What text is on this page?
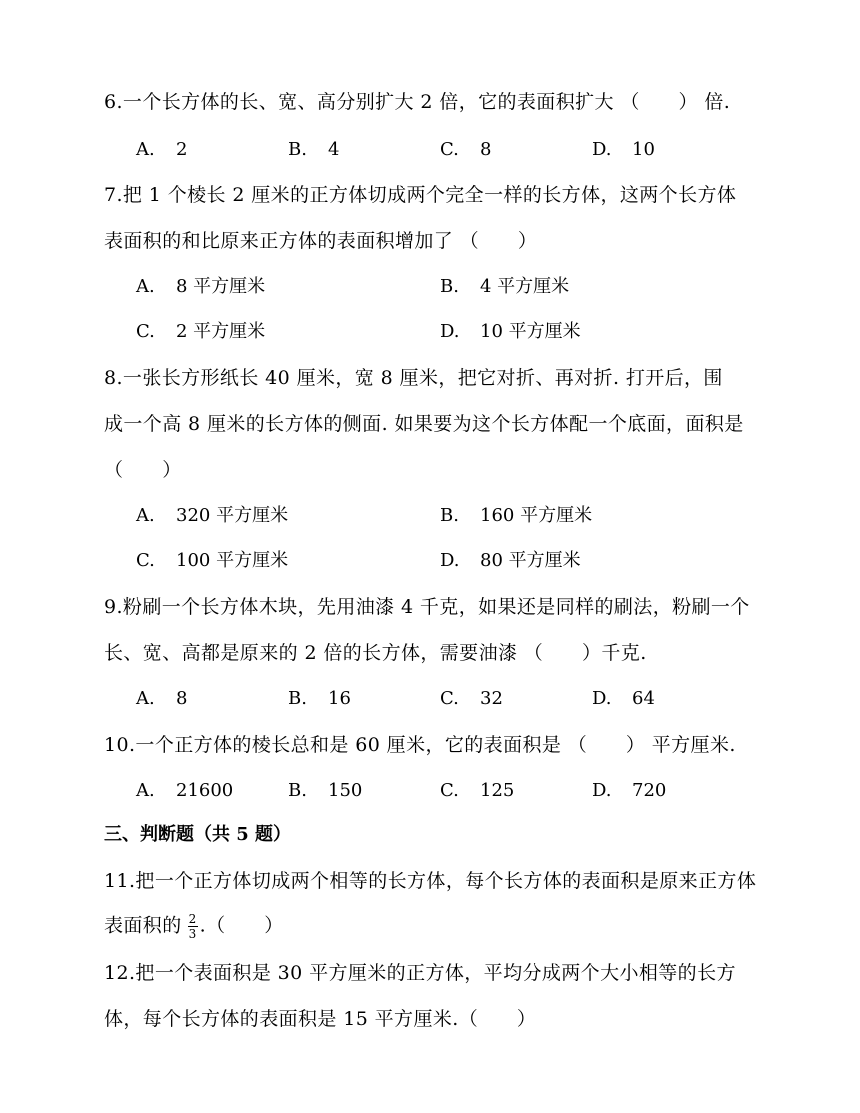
6.一个长方体的长、宽、高分别扩大 2 倍，它的表面积扩大 （　　） 倍.
A. 2	B. 4	C. 8	D. 10
7.把 1 个棱长 2 厘米的正方体切成两个完全一样的长方体，这两个长方体
表面积的和比原来正方体的表面积增加了 （　　）
A. 8 平方厘米	B. 4 平方厘米
C. 2 平方厘米	D. 10 平方厘米
8.一张长方形纸长 40 厘米，宽 8 厘米，把它对折、再对折. 打开后，围
成一个高 8 厘米的长方体的侧面. 如果要为这个长方体配一个底面，面积是
（　　）
A. 320 平方厘米	B. 160 平方厘米
C. 100 平方厘米	D. 80 平方厘米
9.粉刷一个长方体木块，先用油漆 4 千克，如果还是同样的刷法，粉刷一个
长、宽、高都是原来的 2 倍的长方体，需要油漆 （　　）千克.
A. 8	B. 16	C. 32	D. 64
10.一个正方体的棱长总和是 60 厘米，它的表面积是 （　　） 平方厘米.
A. 21600	B. 150	C. 125	D. 720
三、判断题（共 5 题）
11.把一个正方体切成两个相等的长方体，每个长方体的表面积是原来正方体
表面积的 $\frac{2}{3}$ .（　　）
12.把一个表面积是 30 平方厘米的正方体，平均分成两个大小相等的长方
体，每个长方体的表面积是 15 平方厘米.（　　）
